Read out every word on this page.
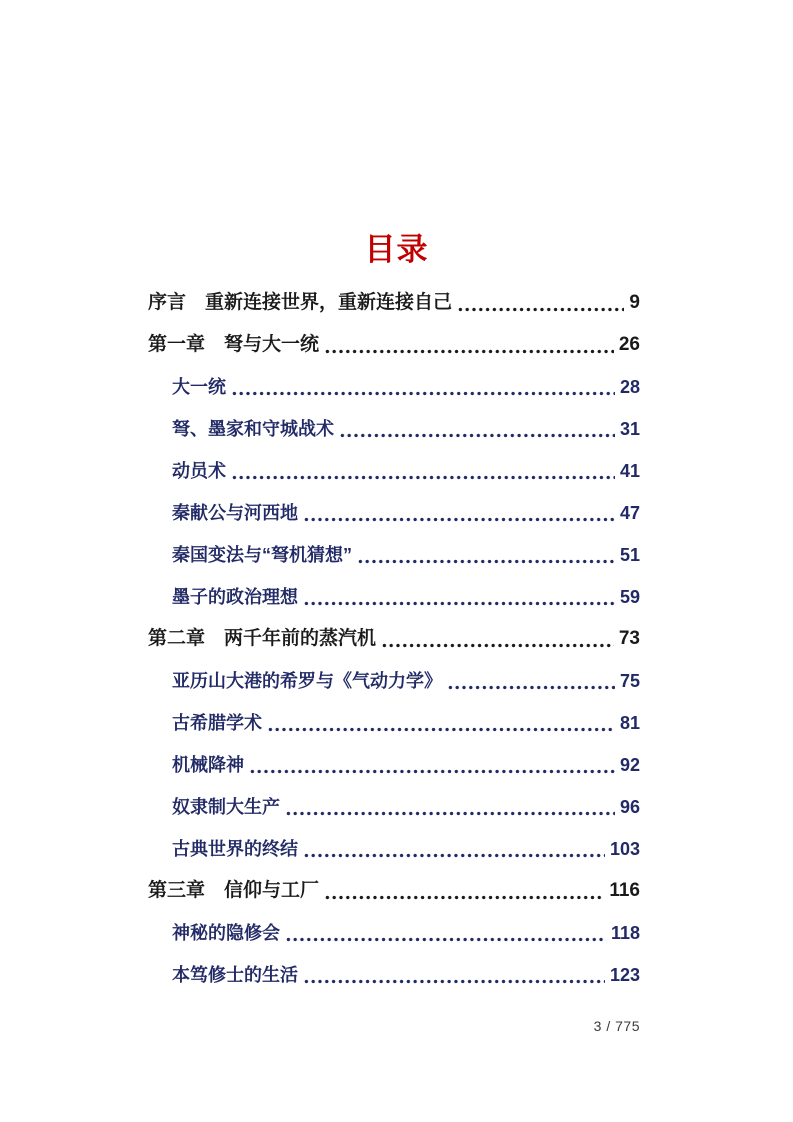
目录
序言　重新连接世界，重新连接自己	9
第一章　弩与大一统	26
大一统	28
弩、墨家和守城战术	31
动员术	41
秦献公与河西地	47
秦国变法与“弩机猜想”	51
墨子的政治理想	59
第二章　两千年前的蒸汽机	73
亚历山大港的希罗与《气动力学》	75
古希腊学术	81
机械降神	92
奴隶制大生产	96
古典世界的终结	103
第三章　信仰与工厂	116
神秘的隐修会	118
本笃修士的生活	123
3 / 775
